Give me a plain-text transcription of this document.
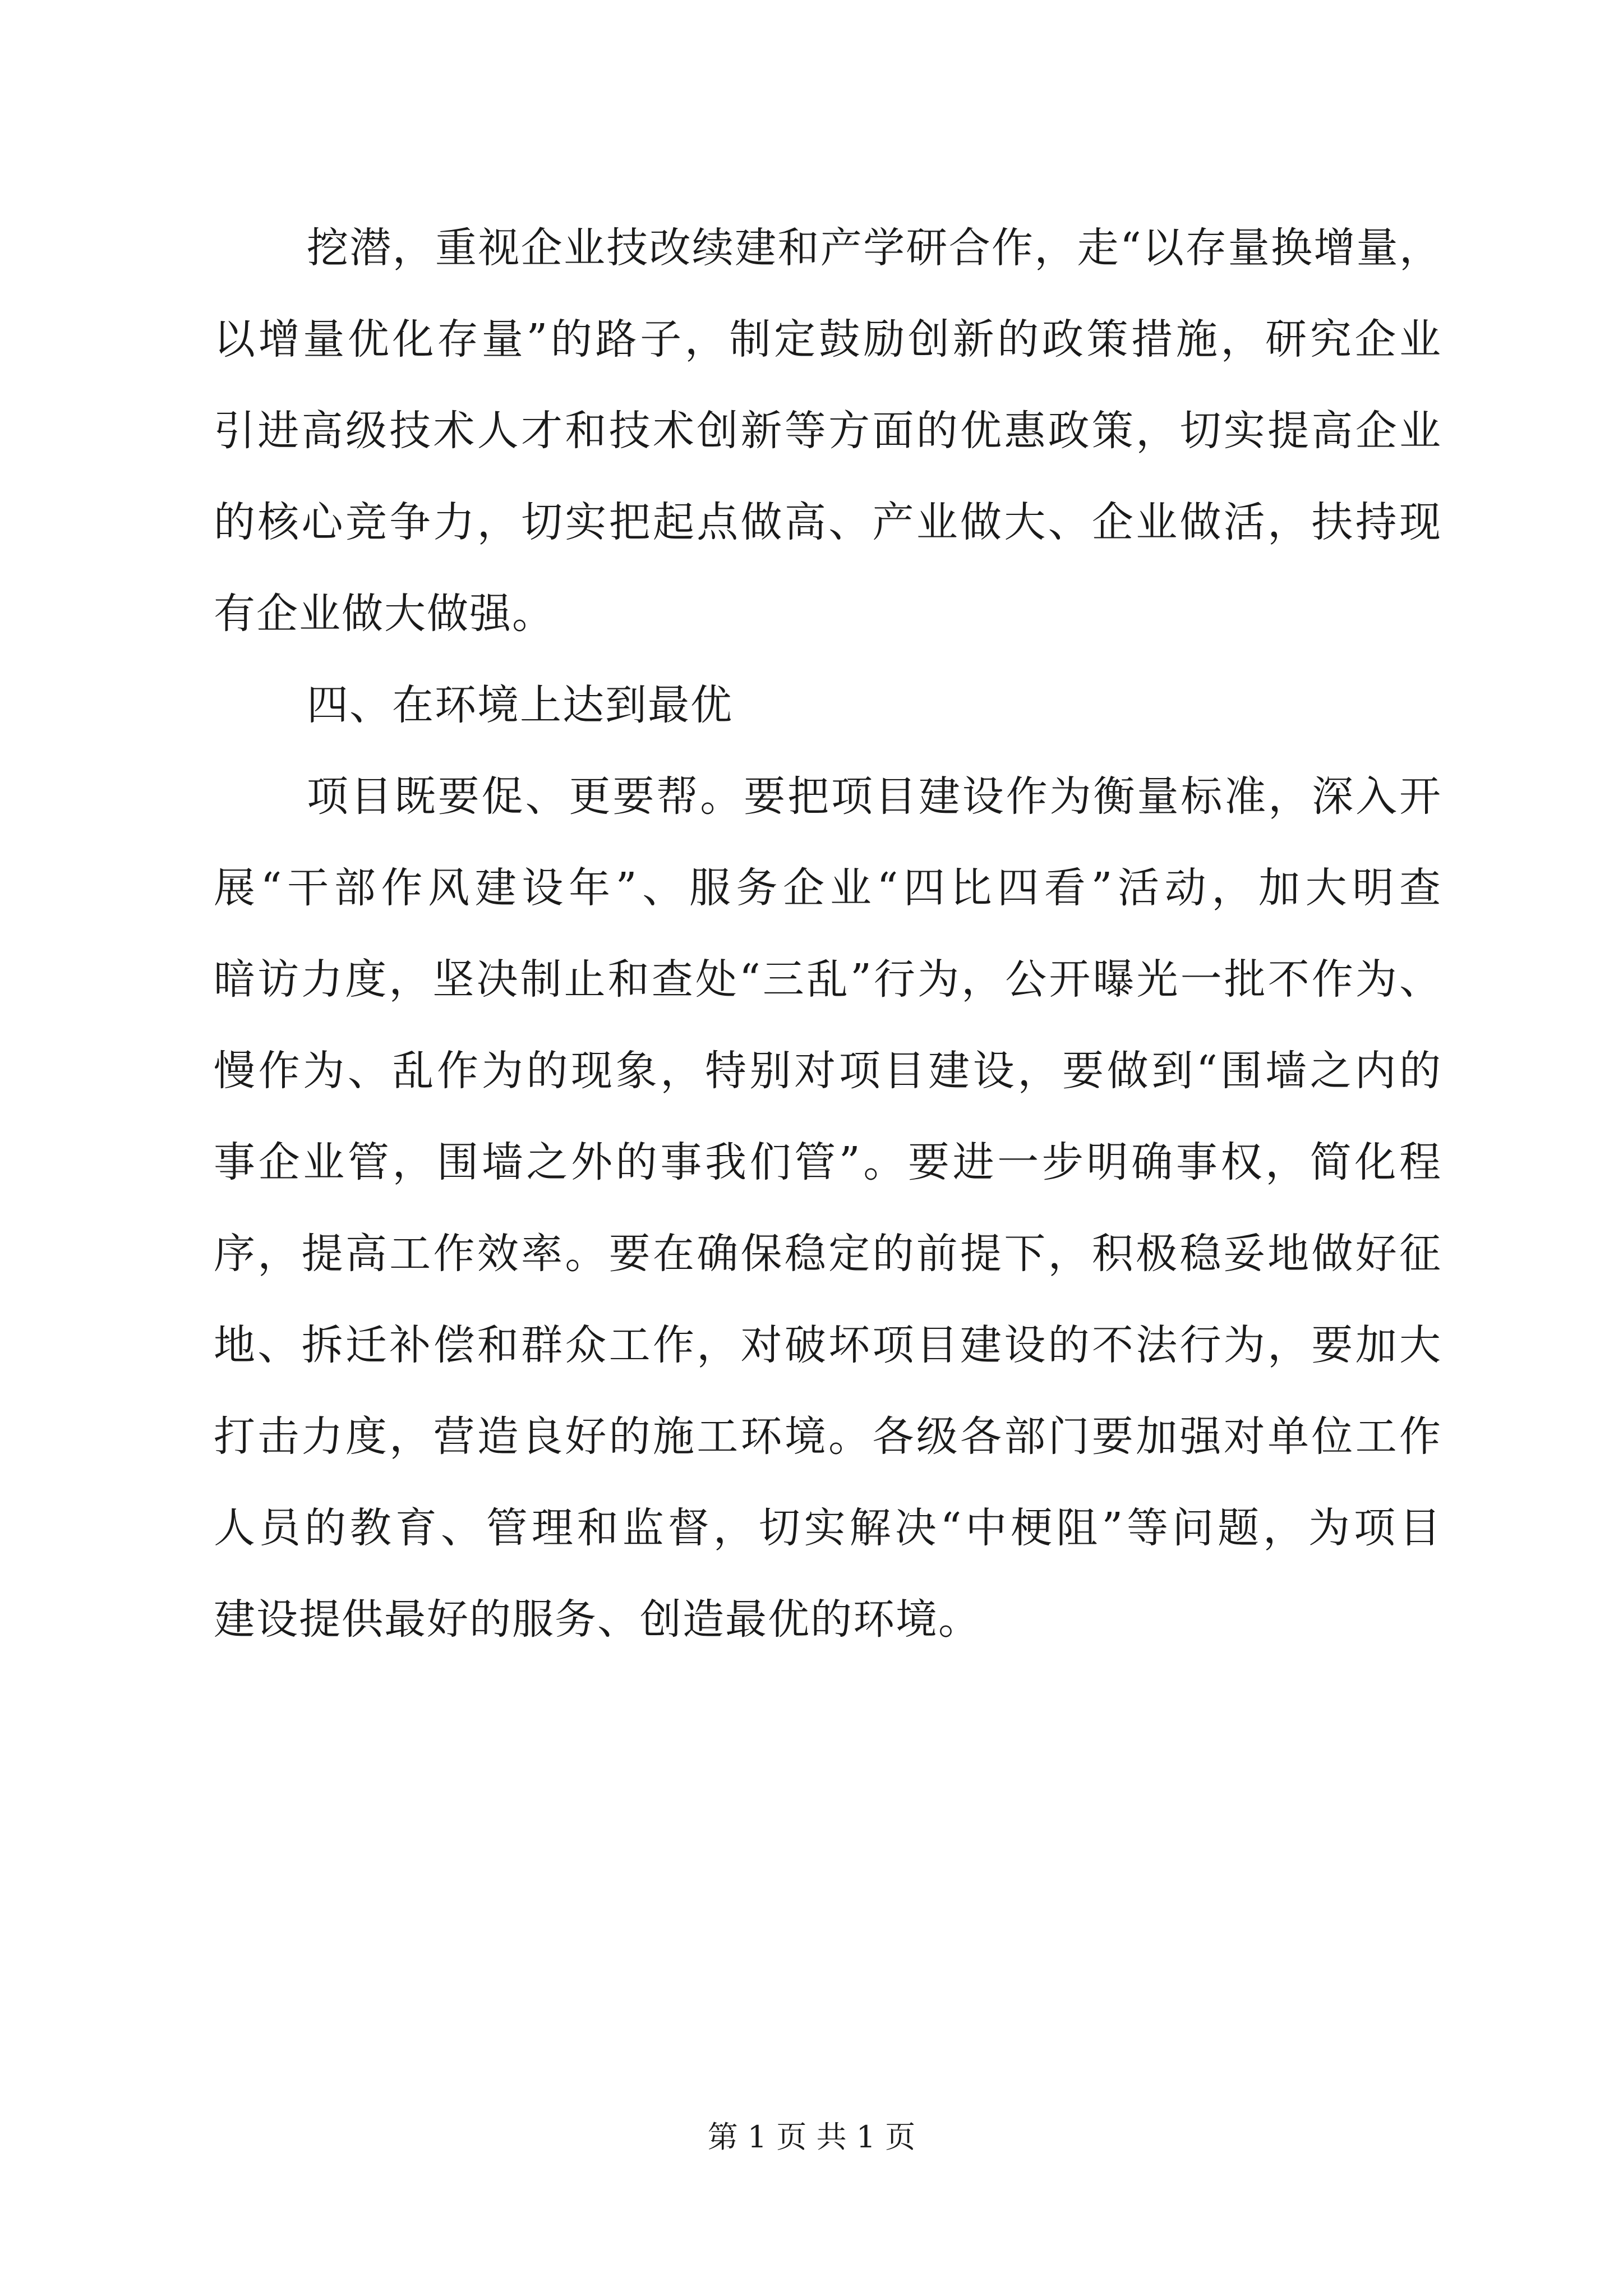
挖潜，重视企业技改续建和产学研合作，走“以存量换增量，
以增量优化存量”的路子，制定鼓励创新的政策措施，研究企业
引进高级技术人才和技术创新等方面的优惠政策，切实提高企业
的核心竞争力，切实把起点做高、产业做大、企业做活，扶持现
有企业做大做强。
四、在环境上达到最优
项目既要促、更要帮。要把项目建设作为衡量标准，深入开
展“干部作风建设年”、服务企业“四比四看”活动，加大明查
暗访力度，坚决制止和查处“三乱”行为，公开曝光一批不作为、
慢作为、乱作为的现象，特别对项目建设，要做到“围墙之内的
事企业管，围墙之外的事我们管”。要进一步明确事权，简化程
序，提高工作效率。要在确保稳定的前提下，积极稳妥地做好征
地、拆迁补偿和群众工作，对破坏项目建设的不法行为，要加大
打击力度，营造良好的施工环境。各级各部门要加强对单位工作
人员的教育、管理和监督，切实解决“中梗阻”等问题，为项目
建设提供最好的服务、创造最优的环境。
第 1 页 共 1 页
